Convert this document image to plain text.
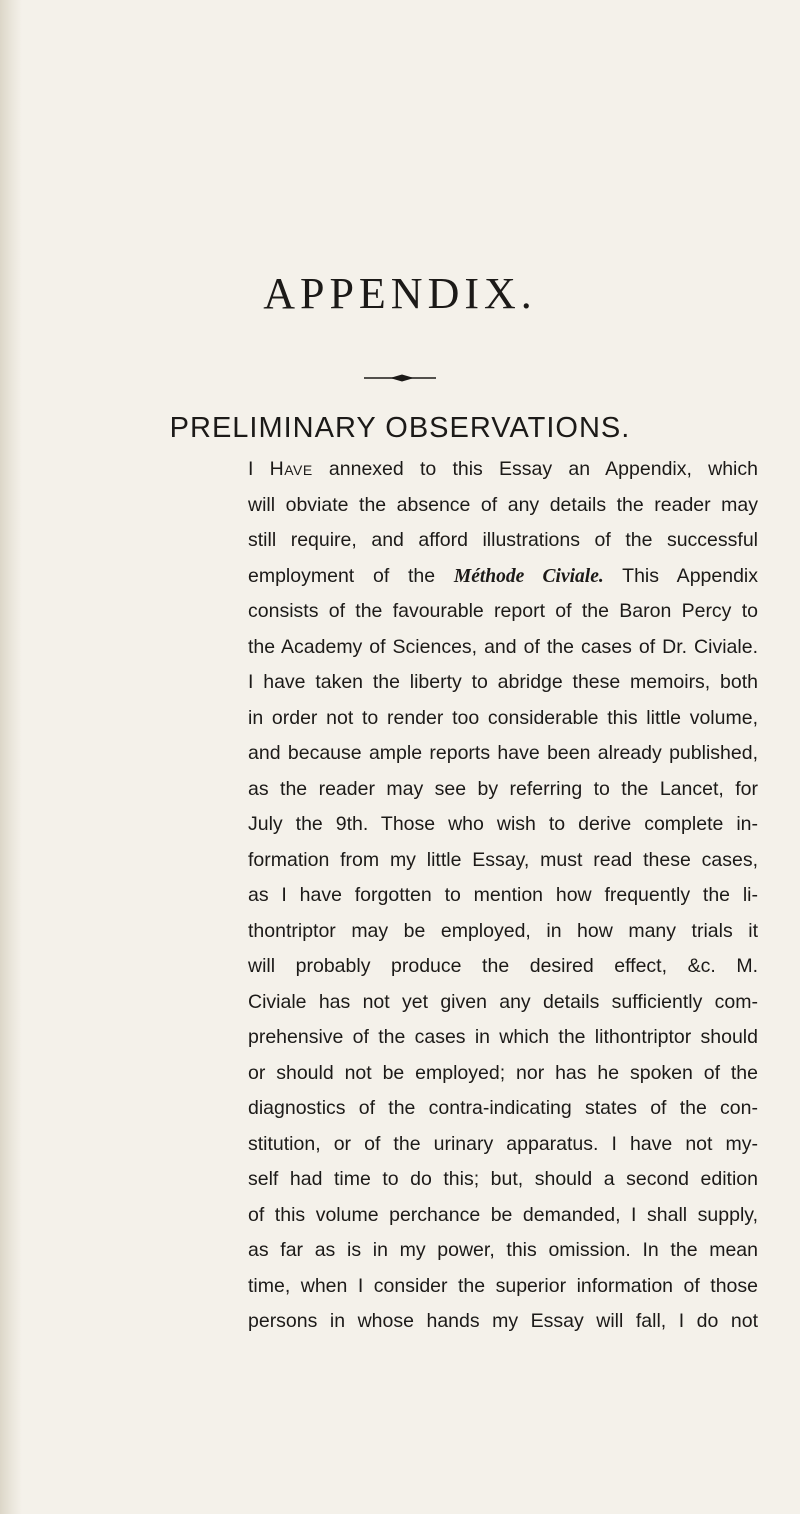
APPENDIX.
PRELIMINARY OBSERVATIONS.
I Have annexed to this Essay an Appendix, which
will obviate the absence of any details the reader may
still require, and afford illustrations of the successful
employment of the Méthode Civiale. This Appendix
consists of the favourable report of the Baron Percy to
the Academy of Sciences, and of the cases of Dr. Civiale.
I have taken the liberty to abridge these memoirs, both
in order not to render too considerable this little volume,
and because ample reports have been already published,
as the reader may see by referring to the Lancet, for
July the 9th. Those who wish to derive complete in-
formation from my little Essay, must read these cases,
as I have forgotten to mention how frequently the li-
thontriptor may be employed, in how many trials it
will probably produce the desired effect, &c. M.
Civiale has not yet given any details sufficiently com-
prehensive of the cases in which the lithontriptor should
or should not be employed; nor has he spoken of the
diagnostics of the contra-indicating states of the con-
stitution, or of the urinary apparatus. I have not my-
self had time to do this; but, should a second edition
of this volume perchance be demanded, I shall supply,
as far as is in my power, this omission. In the mean
time, when I consider the superior information of those
persons in whose hands my Essay will fall, I do not
